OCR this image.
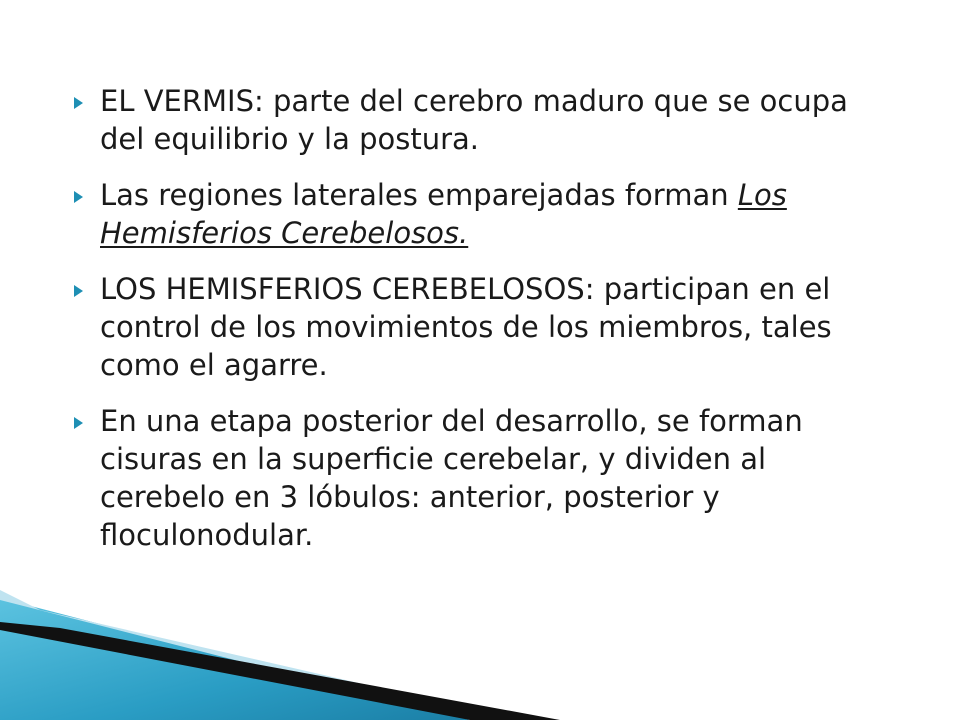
EL VERMIS: parte del cerebro maduro que se ocupa del equilibrio y la postura.
Las regiones laterales emparejadas forman Los Hemisferios Cerebelosos.
LOS HEMISFERIOS CEREBELOSOS: participan en el control de los movimientos de los miembros, tales como el agarre.
En una etapa posterior del desarrollo, se forman cisuras en la superficie cerebelar, y dividen al cerebelo en 3 lóbulos: anterior, posterior y floculonodular.
